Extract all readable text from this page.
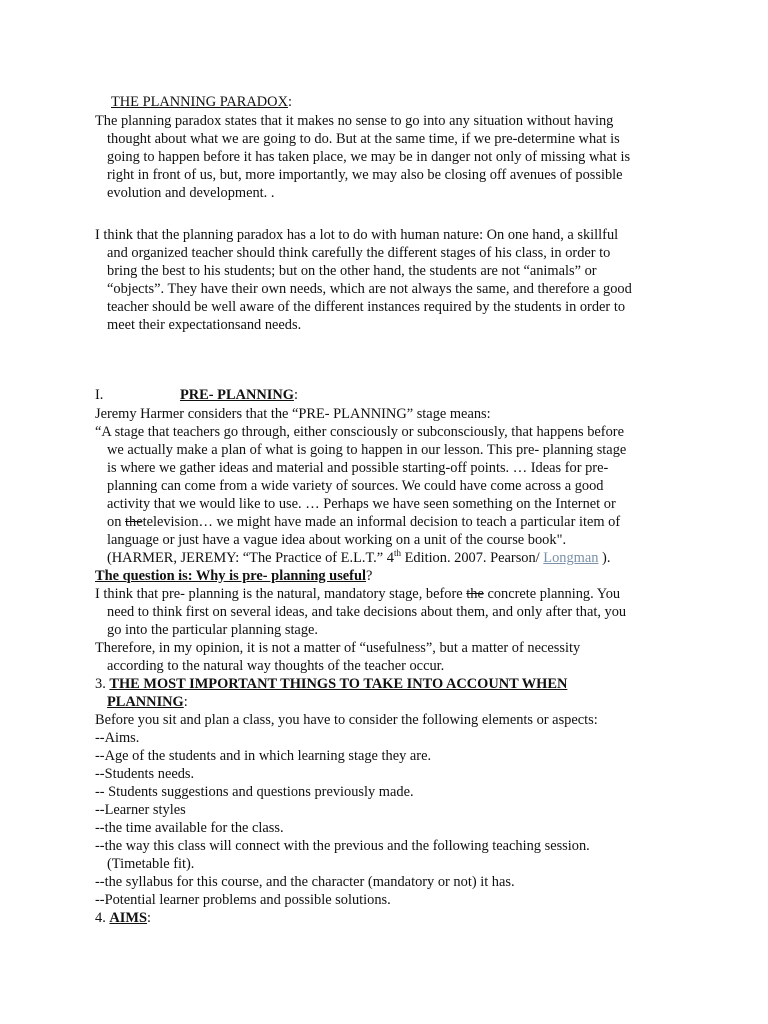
THE PLANNING PARADOX:
The planning paradox states that it makes no sense to go into any situation without having
thought about what we are going to do. But at the same time, if we pre-determine what is
going to happen before it has taken place, we may be in danger not only of missing what is
right in front of us, but, more importantly, we may also be closing off avenues of possible
evolution and development. .
I think that the planning paradox has a lot to do with human nature: On one hand, a skillful
and organized teacher should think carefully the different stages of his class, in order to
bring the best to his students; but on the other hand, the students are not “animals” or
“objects”. They have their own needs, which are not always the same, and therefore a good
teacher should be well aware of the different instances required by the students in order to
meet their expectationsand needs.
I.	PRE- PLANNING:
Jeremy Harmer considers that the “PRE- PLANNING” stage means:
“A stage that teachers go through, either consciously or subconsciously, that happens before
we actually make a plan of what is going to happen in our lesson. This pre- planning stage
is where we gather ideas and material and possible starting-off points. … Ideas for pre-
planning can come from a wide variety of sources. We could have come across a good
activity that we would like to use. … Perhaps we have seen something on the Internet or
on thetelevision… we might have made an informal decision to teach a particular item of
language or just have a vague idea about working on a unit of the course book".
(HARMER, JEREMY: “The Practice of E.L.T.” 4th Edition. 2007. Pearson/ Longman ).
The question is: Why is pre- planning useful?
I think that pre- planning is the natural, mandatory stage, before the concrete planning. You
need to think first on several ideas, and take decisions about them, and only after that, you
go into the particular planning stage.
Therefore, in my opinion, it is not a matter of “usefulness”, but a matter of necessity
according to the natural way thoughts of the teacher occur.
3. THE MOST IMPORTANT THINGS TO TAKE INTO ACCOUNT WHEN
PLANNING:
Before you sit and plan a class, you have to consider the following elements or aspects:
--Aims.
--Age of the students and in which learning stage they are.
--Students needs.
-- Students suggestions and questions previously made.
--Learner styles
--the time available for the class.
--the way this class will connect with the previous and the following teaching session.
(Timetable fit).
--the syllabus for this course, and the character (mandatory or not) it has.
--Potential learner problems and possible solutions.
4. AIMS:
